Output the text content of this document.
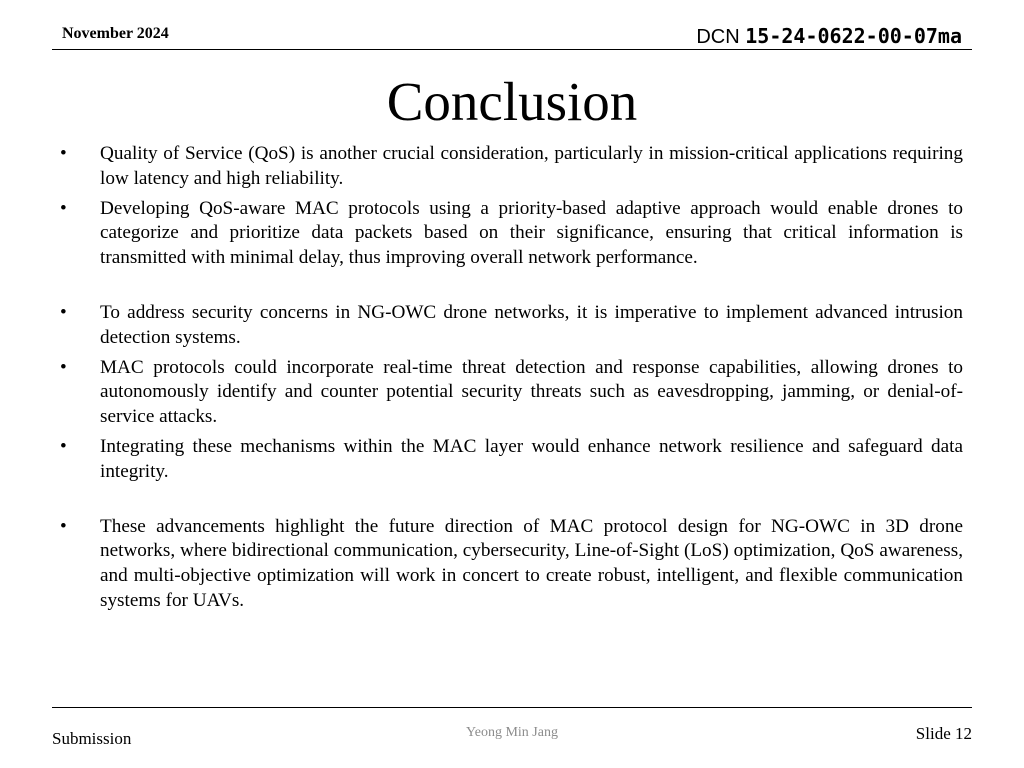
November 2024	DCN 15-24-0622-00-07ma
Conclusion
•	Quality of Service (QoS) is another crucial consideration, particularly in mission-critical applications requiring low latency and high reliability.
•	Developing QoS-aware MAC protocols using a priority-based adaptive approach would enable drones to categorize and prioritize data packets based on their significance, ensuring that critical information is transmitted with minimal delay, thus improving overall network performance.
•	To address security concerns in NG-OWC drone networks, it is imperative to implement advanced intrusion detection systems.
•	MAC protocols could incorporate real-time threat detection and response capabilities, allowing drones to autonomously identify and counter potential security threats such as eavesdropping, jamming, or denial-of-service attacks.
•	Integrating these mechanisms within the MAC layer would enhance network resilience and safeguard data integrity.
•	These advancements highlight the future direction of MAC protocol design for NG-OWC in 3D drone networks, where bidirectional communication, cybersecurity, Line-of-Sight (LoS) optimization, QoS awareness, and multi-objective optimization will work in concert to create robust, intelligent, and flexible communication systems for UAVs.
Submission	Yeong Min Jang	Slide 12
